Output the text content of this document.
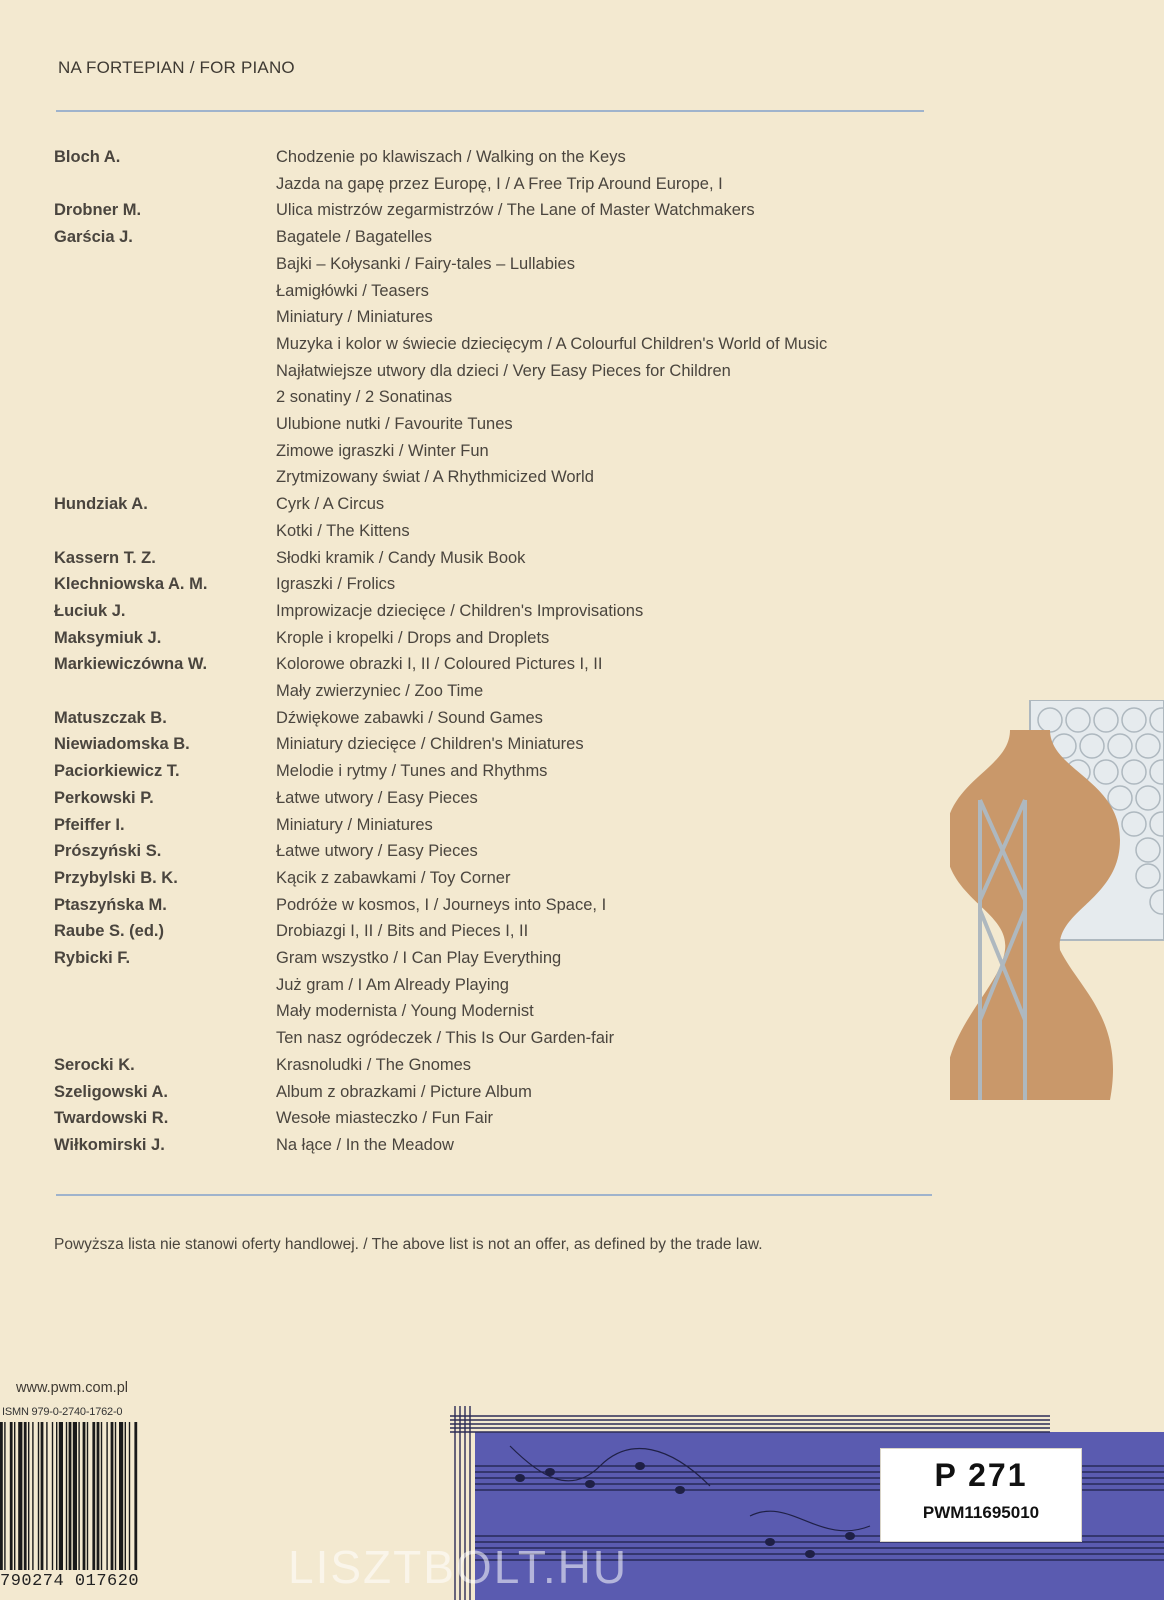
NA FORTEPIAN / FOR PIANO
Bloch A.	Chodzenie po klawiszach / Walking on the Keys
Jazda na gapę przez Europę, I / A Free Trip Around Europe, I
Drobner M.	Ulica mistrzów zegarmistrzów / The Lane of Master Watchmakers
Garścia J.	Bagatele / Bagatelles
Bajki – Kołysanki / Fairy-tales – Lullabies
Łamigłówki / Teasers
Miniatury / Miniatures
Muzyka i kolor w świecie dziecięcym / A Colourful Children's World of Music
Najłatwiejsze utwory dla dzieci / Very Easy Pieces for Children
2 sonatiny / 2 Sonatinas
Ulubione nutki / Favourite Tunes
Zimowe igraszki / Winter Fun
Zrytmizowany świat / A Rhythmicized World
Hundziak A.	Cyrk / A Circus
Kotki / The Kittens
Kassern T. Z.	Słodki kramik / Candy Musik Book
Klechniowska A. M.	Igraszki / Frolics
Łuciuk J.	Improwizacje dziecięce / Children's Improvisations
Maksymiuk J.	Krople i kropelki / Drops and Droplets
Markiewiczówna W.	Kolorowe obrazki I, II / Coloured Pictures I, II
Mały zwierzyniec / Zoo Time
Matuszczak B.	Dźwiękowe zabawki / Sound Games
Niewiadomska B.	Miniatury dziecięce / Children's Miniatures
Paciorkiewicz T.	Melodie i rytmy / Tunes and Rhythms
Perkowski P.	Łatwe utwory / Easy Pieces
Pfeiffer I.	Miniatury / Miniatures
Prószyński S.	Łatwe utwory / Easy Pieces
Przybylski B. K.	Kącik z zabawkami / Toy Corner
Ptaszyńska M.	Podróże w kosmos, I / Journeys into Space, I
Raube S. (ed.)	Drobiazgi I, II / Bits and Pieces I, II
Rybicki F.	Gram wszystko / I Can Play Everything
Już gram / I Am Already Playing
Mały modernista / Young Modernist
Ten nasz ogródeczek / This Is Our Garden-fair
Serocki K.	Krasnoludki / The Gnomes
Szeligowski A.	Album z obrazkami / Picture Album
Twardowski R.	Wesołe miasteczko / Fun Fair
Wiłkomirski J.	Na łące / In the Meadow
Powyższa lista nie stanowi oferty handlowej. / The above list is not an offer, as defined by the trade law.
www.pwm.com.pl
ISMN 979-0-2740-1762-0
790274 017620
P 271
PWM11695010
LISZTBOLT.HU
